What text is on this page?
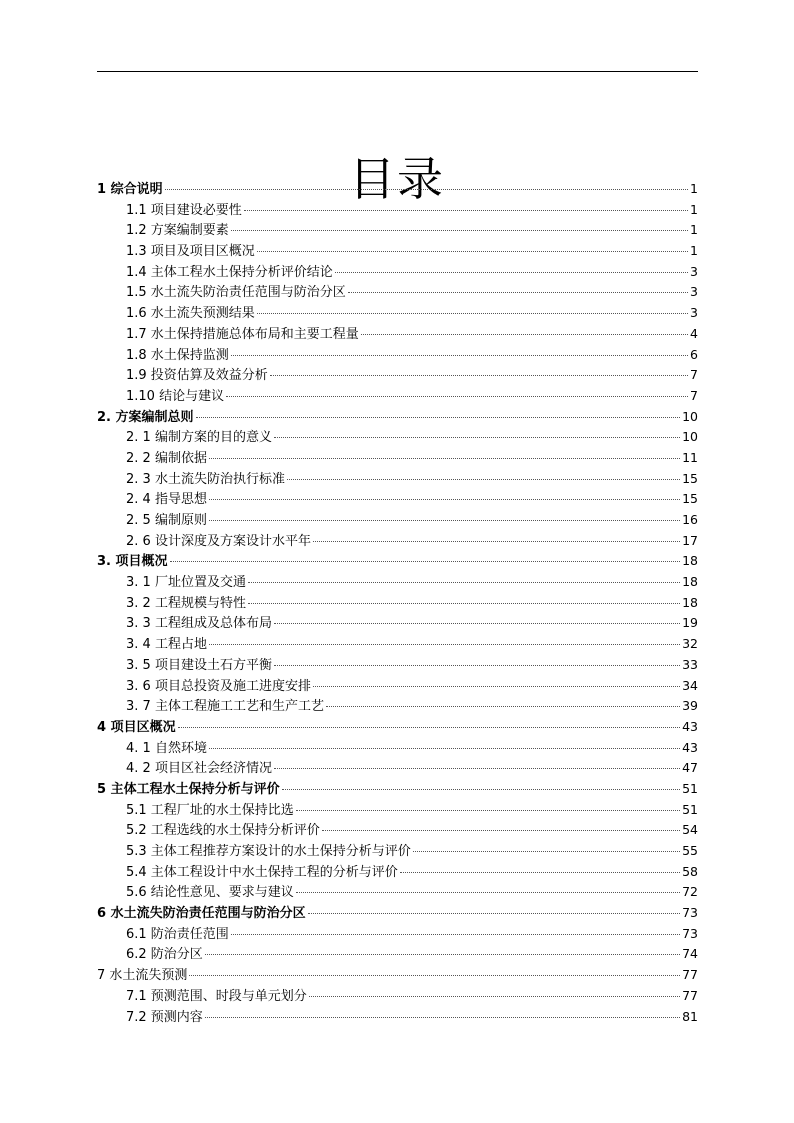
目录
1 综合说明	1
1.1 项目建设必要性	1
1.2 方案编制要素	1
1.3 项目及项目区概况	1
1.4 主体工程水土保持分析评价结论	3
1.5 水土流失防治责任范围与防治分区	3
1.6 水土流失预测结果	3
1.7 水土保持措施总体布局和主要工程量	4
1.8 水土保持监测	6
1.9 投资估算及效益分析	7
1.10 结论与建议	7
2. 方案编制总则	10
2. 1 编制方案的目的意义	10
2. 2 编制依据	11
2. 3 水土流失防治执行标准	15
2. 4 指导思想	15
2. 5 编制原则	16
2. 6 设计深度及方案设计水平年	17
3. 项目概况	18
3. 1 厂址位置及交通	18
3. 2 工程规模与特性	18
3. 3 工程组成及总体布局	19
3. 4 工程占地	32
3. 5 项目建设土石方平衡	33
3. 6 项目总投资及施工进度安排	34
3. 7 主体工程施工工艺和生产工艺	39
4 项目区概况	43
4. 1 自然环境	43
4. 2 项目区社会经济情况	47
5 主体工程水土保持分析与评价	51
5.1 工程厂址的水土保持比选	51
5.2 工程选线的水土保持分析评价	54
5.3 主体工程推荐方案设计的水土保持分析与评价	55
5.4 主体工程设计中水土保持工程的分析与评价	58
5.6 结论性意见、要求与建议	72
6 水土流失防治责任范围与防治分区	73
6.1 防治责任范围	73
6.2 防治分区	74
7 水土流失预测	77
7.1 预测范围、时段与单元划分	77
7.2 预测内容	81
